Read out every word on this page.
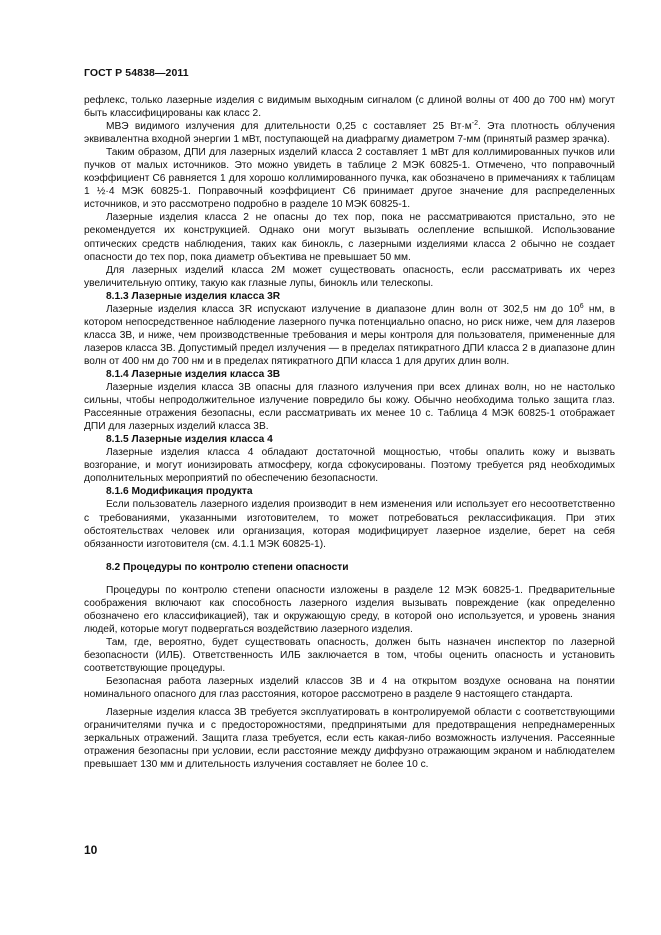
ГОСТ Р 54838—2011

рефлекс, только лазерные изделия с видимым выходным сигналом (с длиной волны от 400 до 700 нм) могут быть классифицированы как класс 2.

МВЭ видимого излучения для длительности 0,25 с составляет 25 $Вт\cdot м^{-2}$. Эта плотность облучения эквивалентна входной энергии 1 мВт, поступающей на диафрагму диаметром 7-мм (принятый размер зрачка).

Таким образом, ДПИ для лазерных изделий класса 2 составляет 1 мВт для коллимированных пучков или пучков от малых источников. Это можно увидеть в таблице 2 МЭК 60825-1. Отмечено, что поправочный коэффициент С6 равняется 1 для хорошо коллимированного пучка, как обозначено в примечаниях к таблицам 1 ½·4 МЭК 60825-1. Поправочный коэффициент С6 принимает другое значение для распределенных источников, и это рассмотрено подробно в разделе 10 МЭК 60825-1.

Лазерные изделия класса 2 не опасны до тех пор, пока не рассматриваются пристально, это не рекомендуется их конструкцией. Однако они могут вызывать ослепление вспышкой. Использование оптических средств наблюдения, таких как бинокль, с лазерными изделиями класса 2 обычно не создает опасности до тех пор, пока диаметр объектива не превышает 50 мм.

Для лазерных изделий класса 2М может существовать опасность, если рассматривать их через увеличительную оптику, такую как глазные лупы, бинокль или телескопы.

8.1.3 Лазерные изделия класса 3R

Лазерные изделия класса 3R испускают излучение в диапазоне длин волн от 302,5 нм до $10^6$ нм, в котором непосредственное наблюдение лазерного пучка потенциально опасно, но риск ниже, чем для лазеров класса 3В, и ниже, чем производственные требования и меры контроля для пользователя, примененные для лазеров класса 3В. Допустимый предел излучения — в пределах пятикратного ДПИ класса 2 в диапазоне длин волн от 400 нм до 700 нм и в пределах пятикратного ДПИ класса 1 для других длин волн.

8.1.4 Лазерные изделия класса 3В

Лазерные изделия класса 3В опасны для глазного излучения при всех длинах волн, но не настолько сильны, чтобы непродолжительное излучение повредило бы кожу. Обычно необходима только защита глаз. Рассеянные отражения безопасны, если рассматривать их менее 10 с. Таблица 4 МЭК 60825-1 отображает ДПИ для лазерных изделий класса 3В.

8.1.5 Лазерные изделия класса 4

Лазерные изделия класса 4 обладают достаточной мощностью, чтобы опалить кожу и вызвать возгорание, и могут ионизировать атмосферу, когда сфокусированы. Поэтому требуется ряд необходимых дополнительных мероприятий по обеспечению безопасности.

8.1.6 Модификация продукта

Если пользователь лазерного изделия производит в нем изменения или использует его несоответственно с требованиями, указанными изготовителем, то может потребоваться реклассификация. При этих обстоятельствах человек или организация, которая модифицирует лазерное изделие, берет на себя обязанности изготовителя (см. 4.1.1 МЭК 60825-1).

8.2 Процедуры по контролю степени опасности

Процедуры по контролю степени опасности изложены в разделе 12 МЭК 60825-1. Предварительные соображения включают как способность лазерного изделия вызывать повреждение (как определенно обозначено его классификацией), так и окружающую среду, в которой оно используется, и уровень знания людей, которые могут подвергаться воздействию лазерного изделия.

Там, где, вероятно, будет существовать опасность, должен быть назначен инспектор по лазерной безопасности (ИЛБ). Ответственность ИЛБ заключается в том, чтобы оценить опасность и установить соответствующие процедуры.

Безопасная работа лазерных изделий классов 3В и 4 на открытом воздухе основана на понятии номинального опасного для глаз расстояния, которое рассмотрено в разделе 9 настоящего стандарта.

Лазерные изделия класса 3В требуется эксплуатировать в контролируемой области с соответствующими ограничителями пучка и с предосторожностями, предпринятыми для предотвращения непреднамеренных зеркальных отражений. Защита глаза требуется, если есть какая-либо возможность излучения. Рассеянные отражения безопасны при условии, если расстояние между диффузно отражающим экраном и наблюдателем превышает 130 мм и длительность излучения составляет не более 10 с.

10
